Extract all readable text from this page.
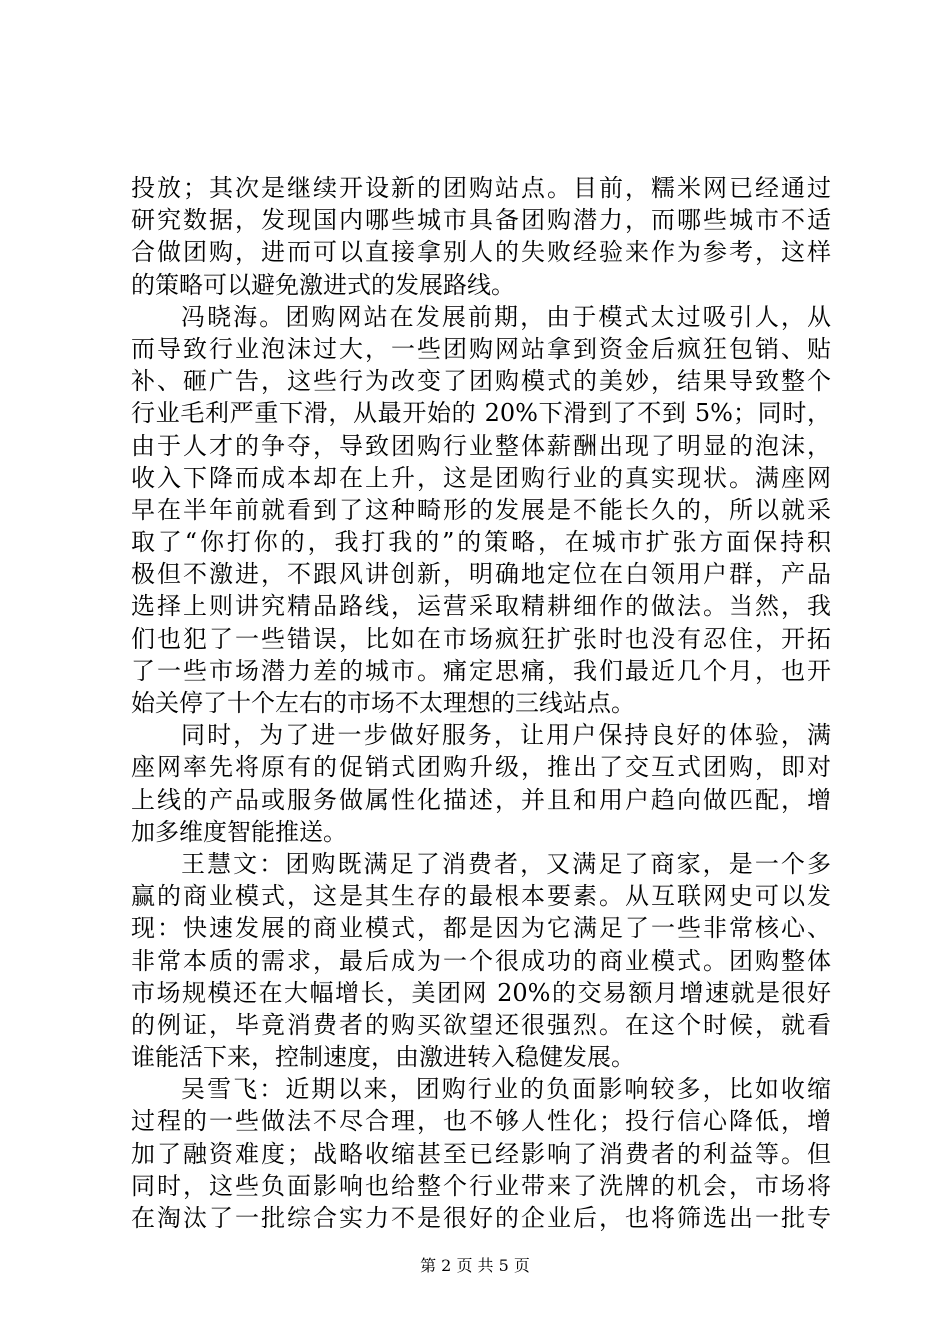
投放；其次是继续开设新的团购站点。目前，糯米网已经通过
研究数据，发现国内哪些城市具备团购潜力，而哪些城市不适
合做团购，进而可以直接拿别人的失败经验来作为参考，这样
的策略可以避免激进式的发展路线。
冯晓海。团购网站在发展前期，由于模式太过吸引人，从
而导致行业泡沫过大，一些团购网站拿到资金后疯狂包销、贴
补、砸广告，这些行为改变了团购模式的美妙，结果导致整个
行业毛利严重下滑，从最开始的 20%下滑到了不到 5%；同时，
由于人才的争夺，导致团购行业整体薪酬出现了明显的泡沫，
收入下降而成本却在上升，这是团购行业的真实现状。满座网
早在半年前就看到了这种畸形的发展是不能长久的，所以就采
取了“你打你的，我打我的”的策略，在城市扩张方面保持积
极但不激进，不跟风讲创新，明确地定位在白领用户群，产品
选择上则讲究精品路线，运营采取精耕细作的做法。当然，我
们也犯了一些错误，比如在市场疯狂扩张时也没有忍住，开拓
了一些市场潜力差的城市。痛定思痛，我们最近几个月，也开
始关停了十个左右的市场不太理想的三线站点。
同时，为了进一步做好服务，让用户保持良好的体验，满
座网率先将原有的促销式团购升级，推出了交互式团购，即对
上线的产品或服务做属性化描述，并且和用户趋向做匹配，增
加多维度智能推送。
王慧文：团购既满足了消费者，又满足了商家，是一个多
赢的商业模式，这是其生存的最根本要素。从互联网史可以发
现：快速发展的商业模式，都是因为它满足了一些非常核心、
非常本质的需求，最后成为一个很成功的商业模式。团购整体
市场规模还在大幅增长，美团网 20%的交易额月增速就是很好
的例证，毕竟消费者的购买欲望还很强烈。在这个时候，就看
谁能活下来，控制速度，由激进转入稳健发展。
吴雪飞：近期以来，团购行业的负面影响较多，比如收缩
过程的一些做法不尽合理，也不够人性化；投行信心降低，增
加了融资难度；战略收缩甚至已经影响了消费者的利益等。但
同时，这些负面影响也给整个行业带来了洗牌的机会，市场将
在淘汰了一批综合实力不是很好的企业后，也将筛选出一批专
第 2 页 共 5 页
